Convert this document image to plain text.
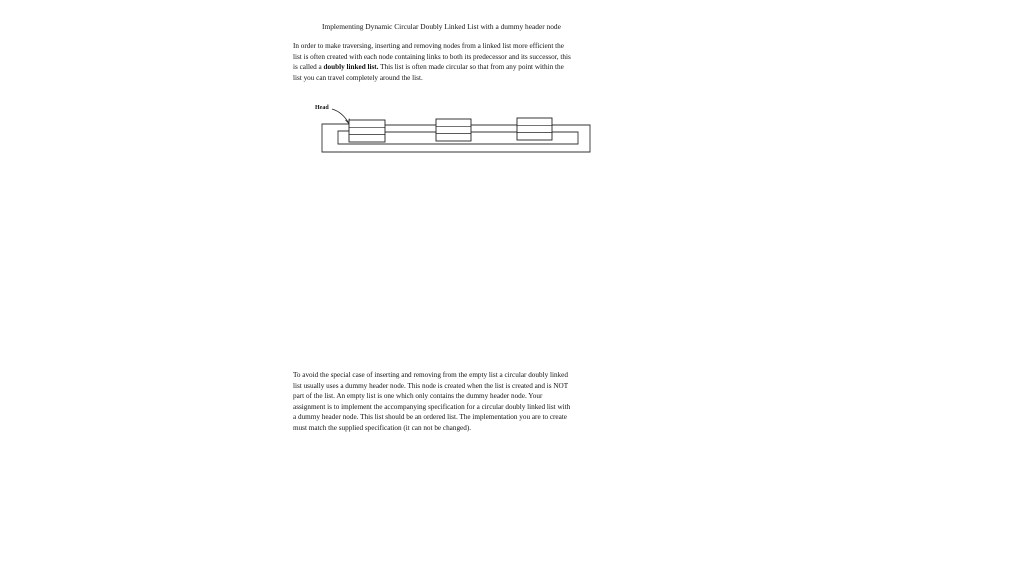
Implementing Dynamic Circular Doubly Linked List with a dummy header node

In order to make traversing, inserting and removing nodes from a linked list more efficient the
list is often created with each node containing links to both its predecessor and its successor, this
is called a doubly linked list. This list is often made circular so that from any point within the
list you can travel completely around the list.

Head

To avoid the special case of inserting and removing from the empty list a circular doubly linked
list usually uses a dummy header node. This node is created when the list is created and is NOT
part of the list. An empty list is one which only contains the dummy header node. Your
assignment is to implement the accompanying specification for a circular doubly linked list with
a dummy header node. This list should be an ordered list. The implementation you are to create
must match the supplied specification (it can not be changed).
